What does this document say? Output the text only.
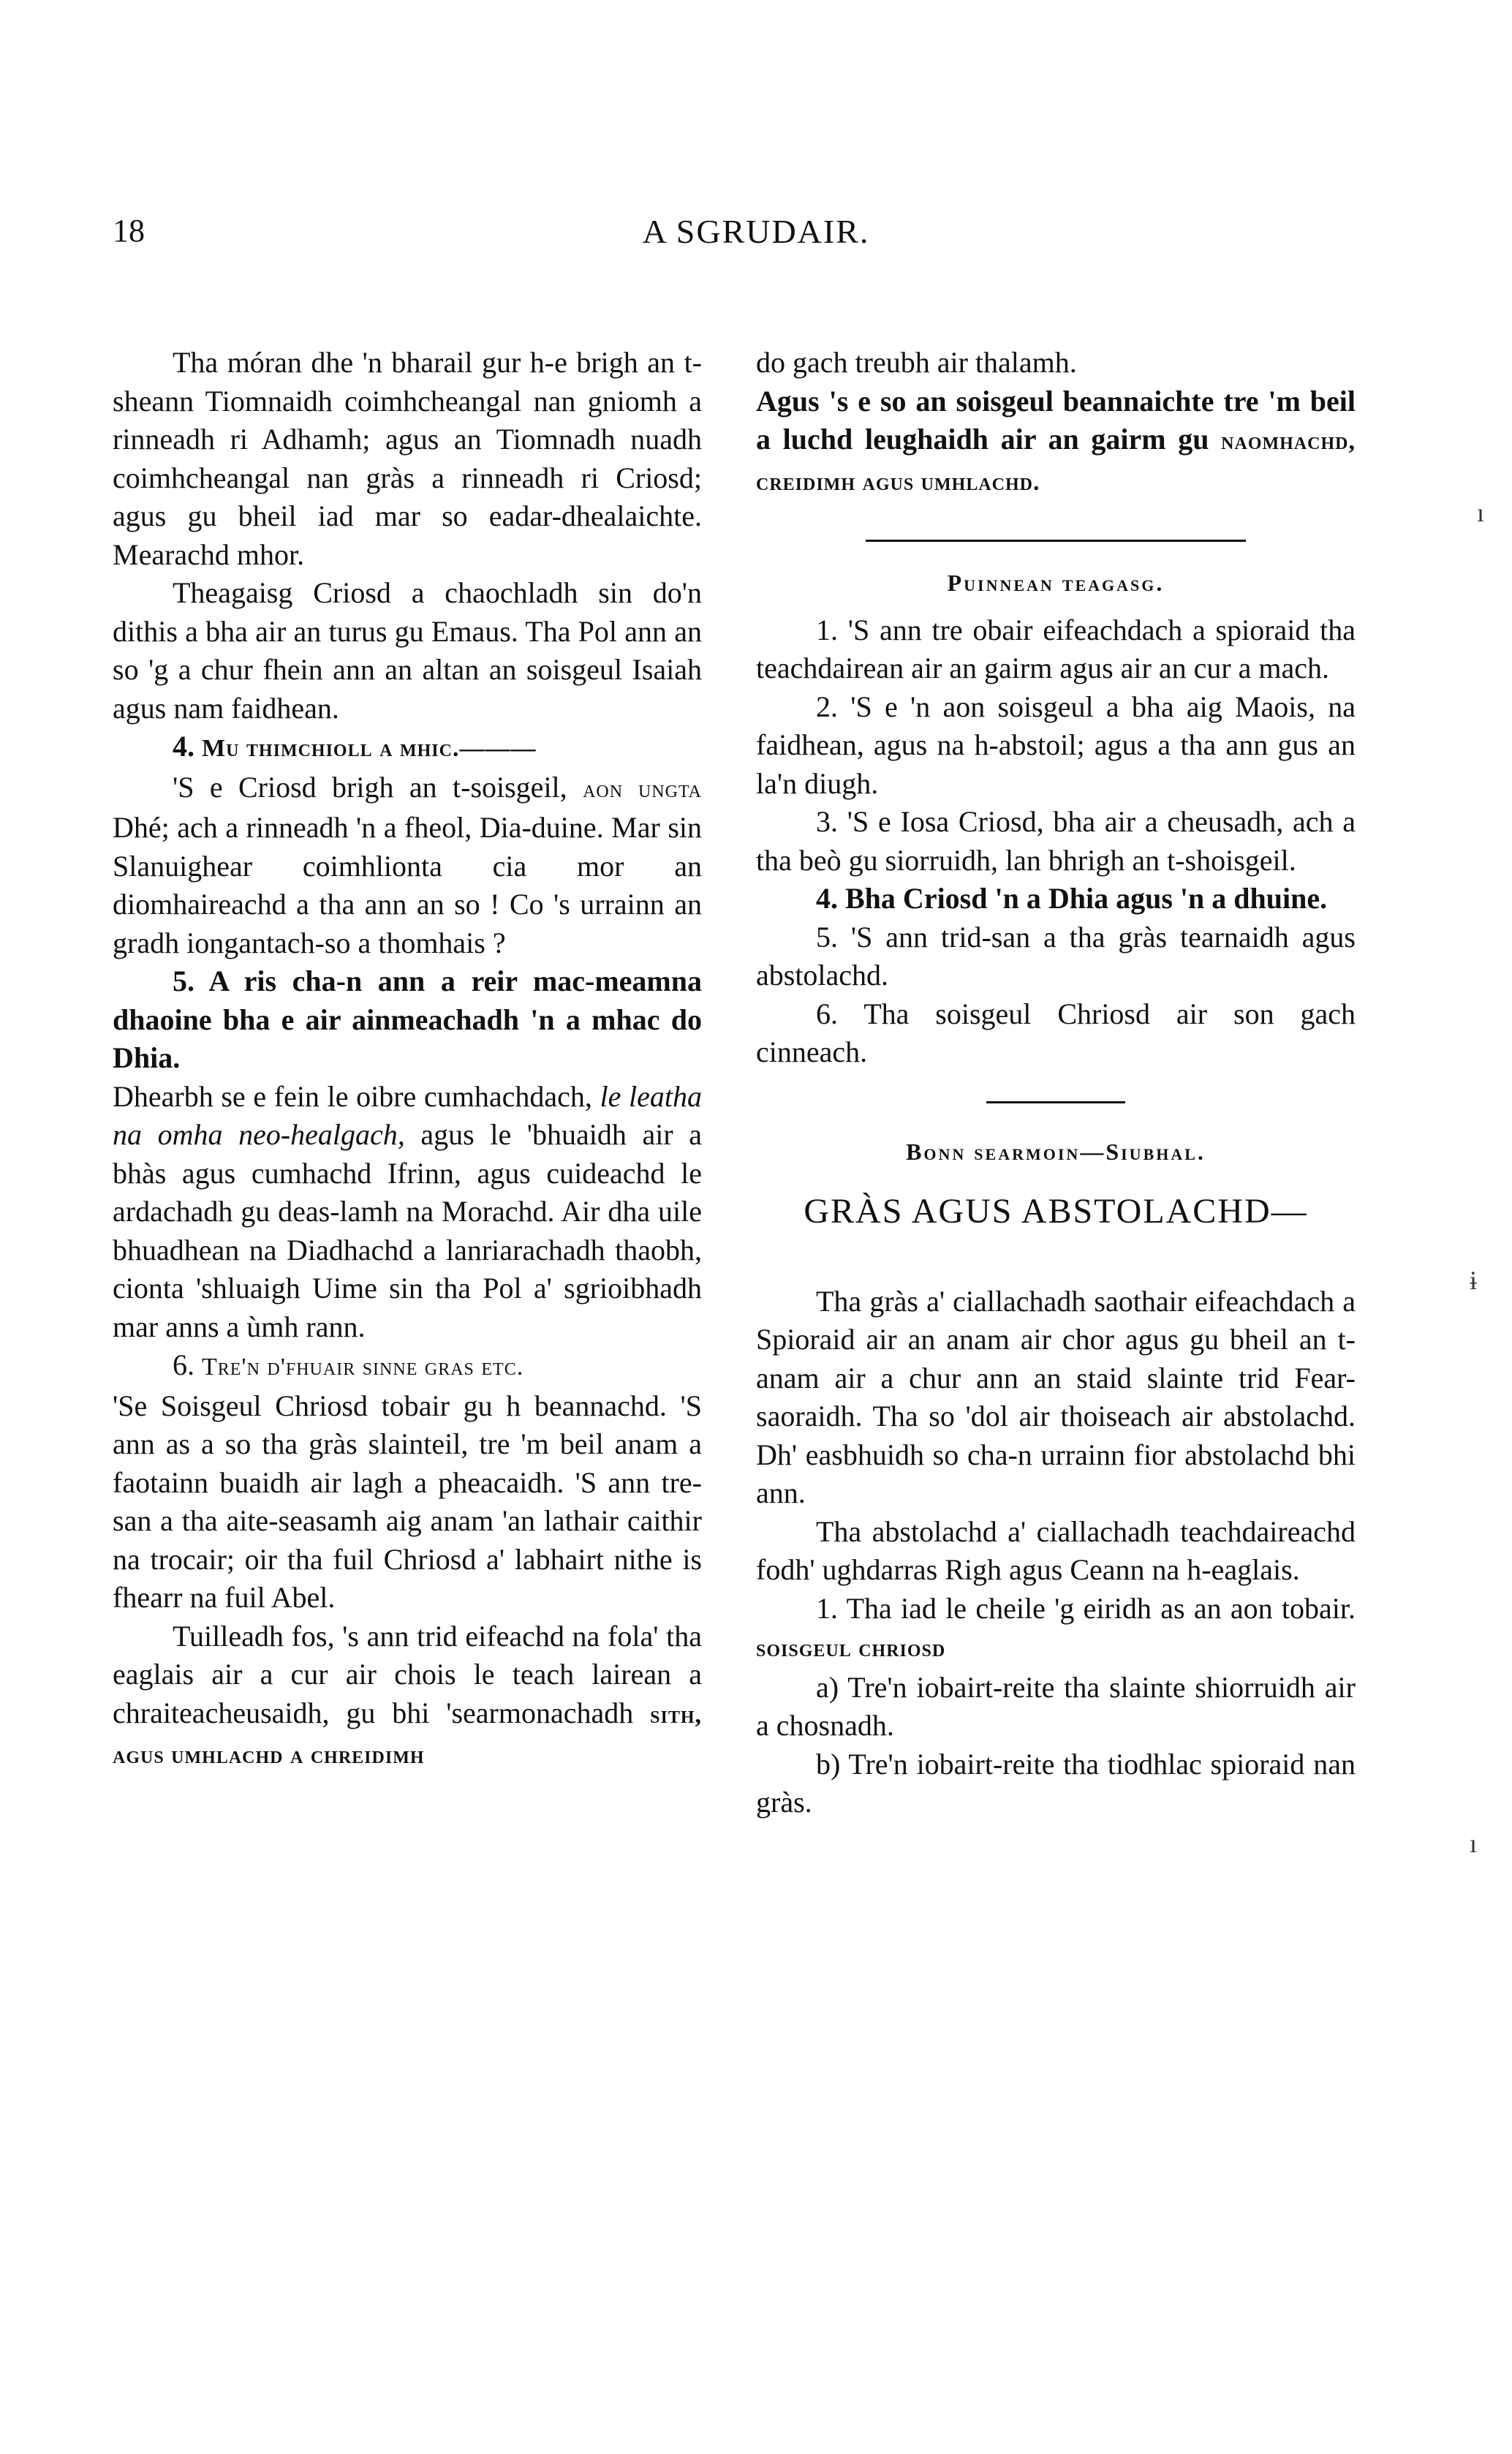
18	A SGRUDAIR.

Tha móran dhe 'n bharail gur h-e brigh an t-sheann Tiomnaidh coimhcheangal nan gniomh a rinneadh ri Adhamh; agus an Tiomnadh nuadh coimhcheangal nan gràs a rinneadh ri Criosd; agus gu bheil iad mar so eadar-dhealaichte. Mearachd mhor.

Theagaisg Criosd a chaochladh sin do'n dithis a bha air an turus gu Emaus. Tha Pol ann an so 'g a chur fhein ann an altan an soisgeul Isaiah agus nam faidhean.

4. Mu thimchioll a mhic.———

'S e Criosd brigh an t-soisgeil, aon ungta Dhé; ach a rinneadh 'n a fheol, Dia-duine. Mar sin Slanuighear coimhlionta cia mor an diomhaireachd a tha ann an so ! Co 's urrainn an gradh iongantach-so a thomhais ?

5. A ris cha-n ann a reir mac-meamna dhaoine bha e air ainmeachadh 'n a mhac do Dhia.

Dhearbh se e fein le oibre cumhachdach, le leatha na omha neo-healgach, agus le 'bhuaidh air a bhàs agus cumhachd Ifrinn, agus cuideachd le ardachadh gu deas-lamh na Morachd. Air dha uile bhuadhean na Diadhachd a lanriarachadh thaobh, cionta 'shluaigh Uime sin tha Pol a' sgrioibhadh mar anns a ùmh rann.

6. Tre'n d'fhuair sinne gras etc.

'Se Soisgeul Chriosd tobair gu h beannachd. 'S ann as a so tha gràs slainteil, tre 'm beil anam a faotainn buaidh air lagh a pheacaidh. 'S ann tre-san a tha aite-seasamh aig anam 'an lathair caithir na trocair; oir tha fuil Chriosd a' labhairt nithe is fhearr na fuil Abel.

Tuilleadh fos, 's ann trid eifeachd na fola' tha eaglais air a cur air chois le teach lairean a chraiteacheusaidh, gu bhi 'searmonachadh sith, agus umhlachd a chreidimh

do gach treubh air thalamh.

Agus 's e so an soisgeul beannaichte tre 'm beil a luchd leughaidh air an gairm gu naomhachd, creidimh agus umhlachd.

Puinnean teagasg.

1. 'S ann tre obair eifeachdach a spioraid tha teachdairean air an gairm agus air an cur a mach.

2. 'S e 'n aon soisgeul a bha aig Maois, na faidhean, agus na h-abstoil; agus a tha ann gus an la'n diugh.

3. 'S e Iosa Criosd, bha air a cheusadh, ach a tha beò gu siorruidh, lan bhrigh an t-shoisgeil.

4. Bha Criosd 'n a Dhia agus 'n a dhuine.

5. 'S ann trid-san a tha gràs tearnaidh agus abstolachd.

6. Tha soisgeul Chriosd air son gach cinneach.

Bonn searmoin—Siubhal.

GRÀS AGUS ABSTOLACHD—

Tha gràs a' ciallachadh saothair eifeachdach a Spioraid air an anam air chor agus gu bheil an t-anam air a chur ann an staid slainte trid Fear-saoraidh. Tha so 'dol air thoiseach air abstolachd. Dh' easbhuidh so cha-n urrainn fior abstolachd bhi ann.

Tha abstolachd a' ciallachadh teachdaireachd fodh' ughdarras Righ agus Ceann na h-eaglais.

1. Tha iad le cheile 'g eiridh as an aon tobair. soisgeul chriosd

a) Tre'n iobairt-reite tha slainte shiorruidh air a chosnadh.

b) Tre'n iobairt-reite tha tiodhlac spioraid nan gràs.

ı
ɨ
ı
